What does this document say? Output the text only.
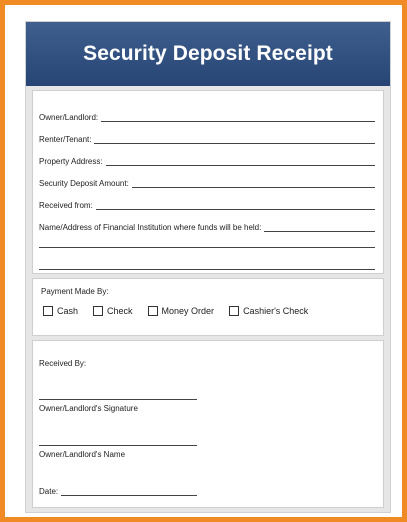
Security Deposit Receipt
Owner/Landlord:
Renter/Tenant:
Property Address:
Security Deposit Amount:
Received from:
Name/Address of Financial Institution where funds will be held:
Payment Made By:
Cash	Check	Money Order	Cashier's Check
Received By:
Owner/Landlord's Signature
Owner/Landlord's Name
Date:
